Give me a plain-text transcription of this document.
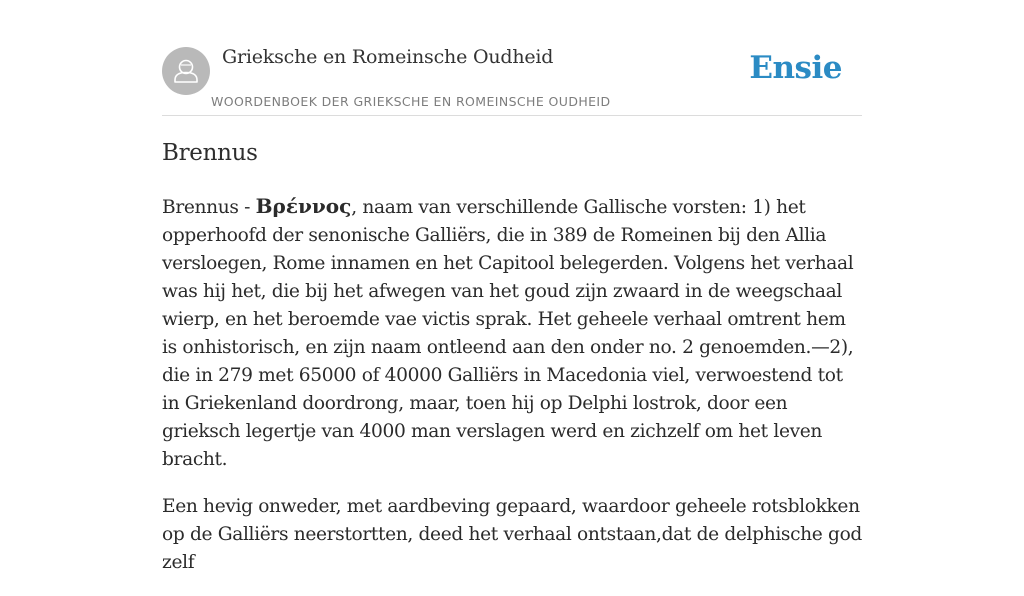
Grieksche en Romeinsche Oudheid
WOORDENBOEK DER GRIEKSCHE EN ROMEINSCHE OUDHEID
Ensie
Brennus

Brennus - Βρέννος, naam van verschillende Gallische vorsten: 1) het opperhoofd der senonische Galliërs, die in 389 de Romeinen bij den Allia versloegen, Rome innamen en het Capitool belegerden. Volgens het verhaal was hij het, die bij het afwegen van het goud zijn zwaard in de weegschaal wierp, en het beroemde vae victis sprak. Het geheele verhaal omtrent hem is onhistorisch, en zijn naam ontleend aan den onder no. 2 genoemden.—2), die in 279 met 65000 of 40000 Galliërs in Macedonia viel, verwoestend tot in Griekenland doordrong, maar, toen hij op Delphi lostrok, door een grieksch legertje van 4000 man verslagen werd en zichzelf om het leven bracht.

Een hevig onweder, met aardbeving gepaard, waardoor geheele rotsblokken op de Galliërs neerstortten, deed het verhaal ontstaan,dat de delphische god zelf
